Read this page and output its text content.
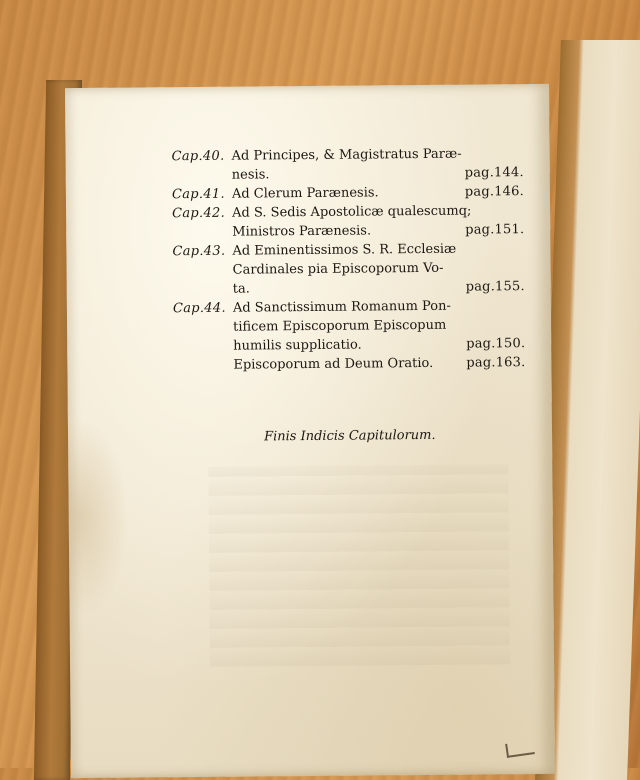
Cap.40. Ad Principes, & Magistratus Paræ-
nesis.	pag.144.
Cap.41. Ad Clerum Parænesis.	pag.146.
Cap.42. Ad S. Sedis Apostolicæ qualescumq;
Ministros Parænesis.	pag.151.
Cap.43. Ad Eminentissimos S. R. Ecclesiæ
Cardinales pia Episcoporum Vo-
ta.	pag.155.
Cap.44. Ad Sanctissimum Romanum Pon-
tificem Episcoporum Episcopum
humilis supplicatio.	pag.150.
Episcoporum ad Deum Oratio.	pag.163.
Finis Indicis Capitulorum.
